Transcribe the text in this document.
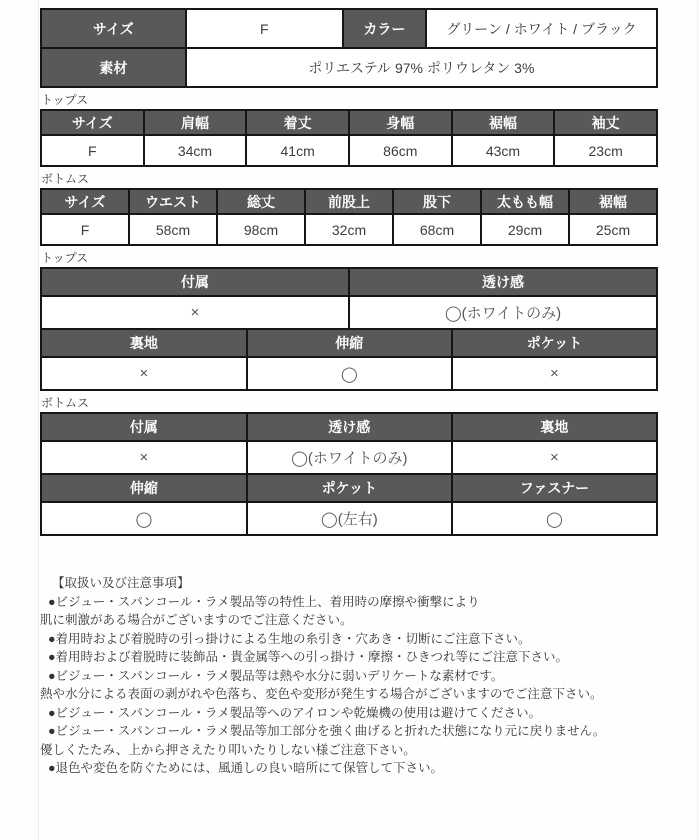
サイズ	F	カラー	グリーン / ホワイト / ブラック
素材	ポリエステル 97% ポリウレタン 3%		
トップス
サイズ	肩幅	着丈	身幅	裾幅	袖丈
F	34cm	41cm	86cm	43cm	23cm
ボトムス
サイズ	ウエスト	総丈	前股上	股下	太もも幅	裾幅
F	58cm	98cm	32cm	68cm	29cm	25cm
トップス
付属	透け感
×	◯(ホワイトのみ)
裏地	伸縮	ポケット
×	◯	×
ボトムス
付属	透け感	裏地
×	◯(ホワイトのみ)	×
伸縮	ポケット	ファスナー
◯	◯(左右)	◯
【取扱い及び注意事項】
●ビジュー・スパンコール・ラメ製品等の特性上、着用時の摩擦や衝撃により
肌に刺激がある場合がございますのでご注意ください。
●着用時および着脱時の引っ掛けによる生地の糸引き・穴あき・切断にご注意下さい。
●着用時および着脱時に装飾品・貴金属等への引っ掛け・摩擦・ひきつれ等にご注意下さい。
●ビジュー・スパンコール・ラメ製品等は熱や水分に弱いデリケートな素材です。
熱や水分による表面の剥がれや色落ち、変色や変形が発生する場合がございますのでご注意下さい。
●ビジュー・スパンコール・ラメ製品等へのアイロンや乾燥機の使用は避けてください。
●ビジュー・スパンコール・ラメ製品等加工部分を強く曲げると折れた状態になり元に戻りません。
優しくたたみ、上から押さえたり叩いたりしない様ご注意下さい。
●退色や変色を防ぐためには、風通しの良い暗所にて保管して下さい。
